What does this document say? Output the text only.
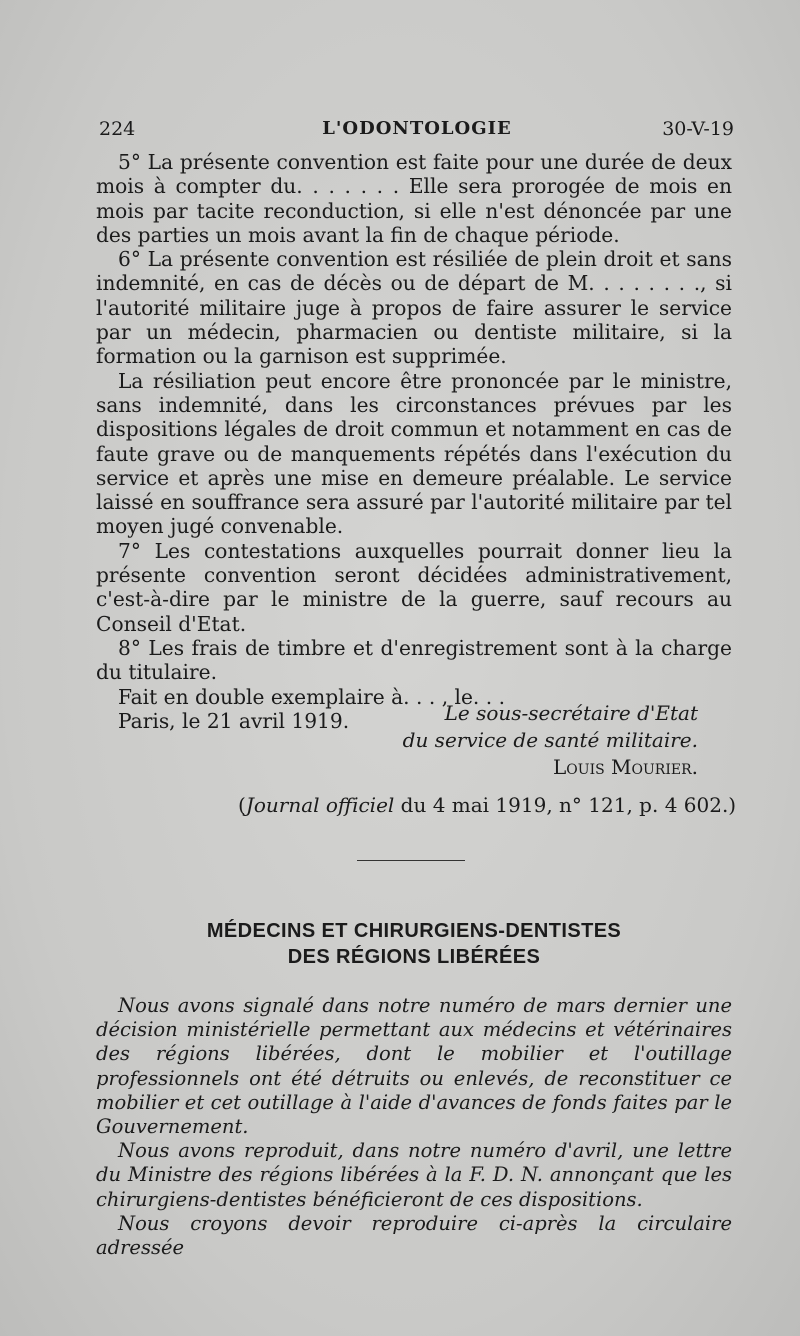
224	L'ODONTOLOGIE	30-V-19

5° La présente convention est faite pour une durée de deux mois à compter du. . . . . . . Elle sera prorogée de mois en mois par tacite reconduction, si elle n'est dénoncée par une des parties un mois avant la fin de chaque période.

6° La présente convention est résiliée de plein droit et sans indemnité, en cas de décès ou de départ de M. . . . . . . ., si l'autorité militaire juge à propos de faire assurer le service par un médecin, pharmacien ou dentiste militaire, si la formation ou la garnison est supprimée.

La résiliation peut encore être prononcée par le ministre, sans indemnité, dans les circonstances prévues par les dispositions légales de droit commun et notamment en cas de faute grave ou de manquements répétés dans l'exécution du service et après une mise en demeure préalable. Le service laissé en souffrance sera assuré par l'autorité militaire par tel moyen jugé convenable.

7° Les contestations auxquelles pourrait donner lieu la présente convention seront décidées administrativement, c'est-à-dire par le ministre de la guerre, sauf recours au Conseil d'Etat.

8° Les frais de timbre et d'enregistrement sont à la charge du titulaire.

Fait en double exemplaire à. . . , le. . .

Paris, le 21 avril 1919.	Le sous-secrétaire d'Etat
du service de santé militaire.
Louis Mourier.
(Journal officiel du 4 mai 1919, n° 121, p. 4 602.)
MÉDECINS ET CHIRURGIENS-DENTISTES
DES RÉGIONS LIBÉRÉES

Nous avons signalé dans notre numéro de mars dernier une décision ministérielle permettant aux médecins et vétérinaires des régions libérées, dont le mobilier et l'outillage professionnels ont été détruits ou enlevés, de reconstituer ce mobilier et cet outillage à l'aide d'avances de fonds faites par le Gouvernement.

Nous avons reproduit, dans notre numéro d'avril, une lettre du Ministre des régions libérées à la F. D. N. annonçant que les chirurgiens-dentistes bénéficieront de ces dispositions.

Nous croyons devoir reproduire ci-après la circulaire adressée
